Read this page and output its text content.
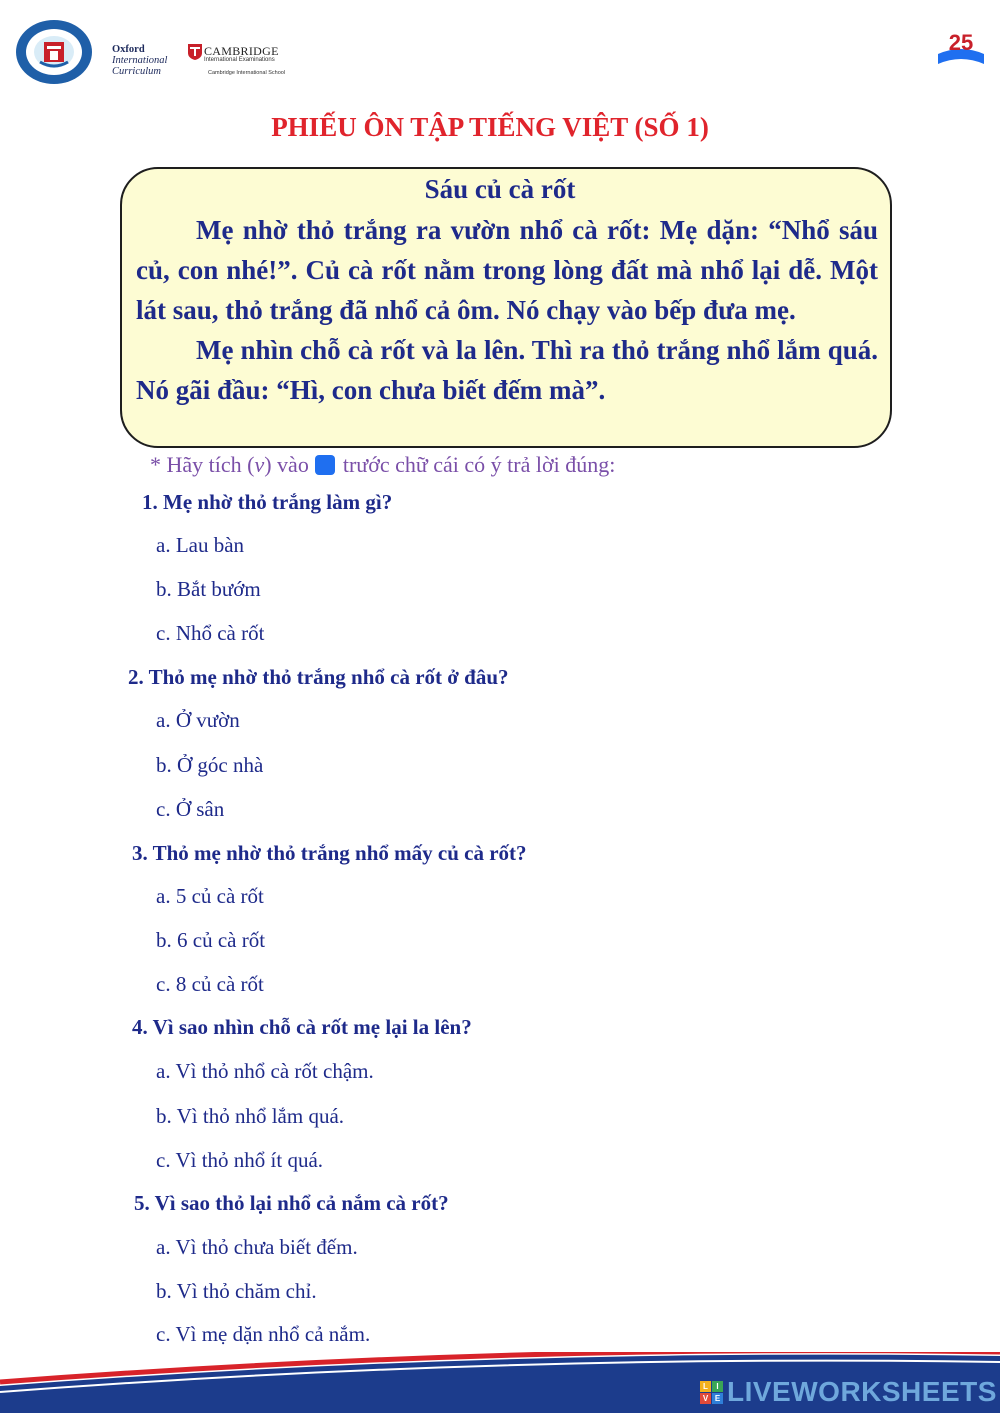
Oxford
International
Curriculum
CAMBRIDGE
International Examinations
Cambridge International School
25
PHIẾU ÔN TẬP TIẾNG VIỆT (SỐ 1)
Sáu củ cà rốt

Mẹ nhờ thỏ trắng ra vườn nhổ cà rốt: Mẹ dặn: “Nhổ sáu củ, con nhé!”. Củ cà rốt nằm trong lòng đất mà nhổ lại dễ. Một lát sau, thỏ trắng đã nhổ cả ôm. Nó chạy vào bếp đưa mẹ.

Mẹ nhìn chỗ cà rốt và la lên. Thì ra thỏ trắng nhổ lắm quá. Nó gãi đầu: “Hì, con chưa biết đếm mà”.

* Hãy tích ( v ) vào trước chữ cái có ý trả lời đúng:
1. Mẹ nhờ thỏ trắng làm gì?
a. Lau bàn
b. Bắt bướm
c. Nhổ cà rốt
2. Thỏ mẹ nhờ thỏ trắng nhổ cà rốt ở đâu?
a. Ở vườn
b. Ở góc nhà
c. Ở sân
3. Thỏ mẹ nhờ thỏ trắng nhổ mấy củ cà rốt?
a. 5 củ cà rốt
b. 6 củ cà rốt
c. 8 củ cà rốt
4. Vì sao nhìn chỗ cà rốt mẹ lại la lên?
a. Vì thỏ nhổ cà rốt chậm.
b. Vì thỏ nhổ lắm quá.
c. Vì thỏ nhổ ít quá.
5. Vì sao thỏ lại nhổ cả nắm cà rốt?
a. Vì thỏ chưa biết đếm.
b. Vì thỏ chăm chỉ.
c. Vì mẹ dặn nhổ cả nắm.
L	I
V E LIVEWORKSHEETS
